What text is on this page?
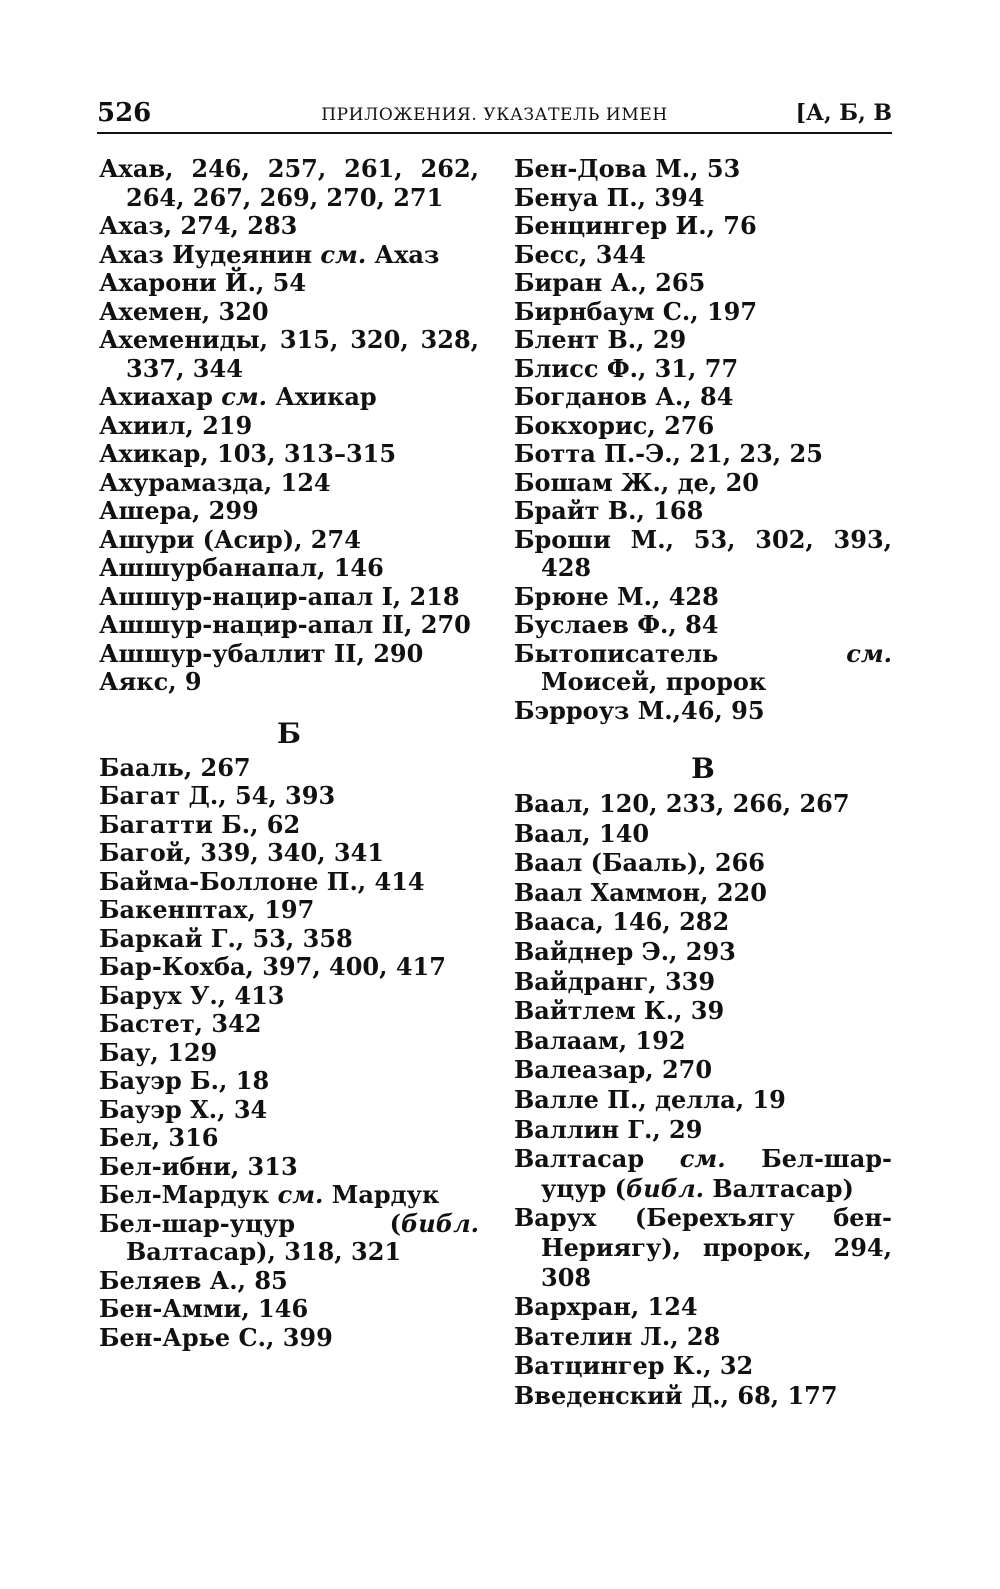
526	ПРИЛОЖЕНИЯ. УКАЗАТЕЛЬ ИМЕН	[А, Б, В

Ахав, 246, 257, 261, 262, 264, 267, 269, 270, 271

Ахаз, 274, 283

Ахаз Иудеянин см. Ахаз

Ахарони Й., 54

Ахемен, 320

Ахемениды, 315, 320, 328, 337, 344

Ахиахар см. Ахикар

Ахиил, 219

Ахикар, 103, 313–315

Ахурамазда, 124

Ашера, 299

Ашури (Асир), 274

Ашшурбанапал, 146

Ашшур-нацир-апал I, 218

Ашшур-нацир-апал II, 270

Ашшур-убаллит II, 290

Аякс, 9

Б

Бааль, 267

Багат Д., 54, 393

Багатти Б., 62

Багой, 339, 340, 341

Байма-Боллоне П., 414

Бакенптах, 197

Баркай Г., 53, 358

Бар-Кохба, 397, 400, 417

Барух У., 413

Бастет, 342

Бау, 129

Бауэр Б., 18

Бауэр Х., 34

Бел, 316

Бел-ибни, 313

Бел-Мардук см. Мардук

Бел-шар-уцур (библ. Валтасар), 318, 321

Беляев А., 85

Бен-Амми, 146

Бен-Арье С., 399

Бен-Дова М., 53

Бенуа П., 394

Бенцингер И., 76

Бесс, 344

Биран А., 265

Бирнбаум С., 197

Блент В., 29

Блисс Ф., 31, 77

Богданов А., 84

Бокхорис, 276

Ботта П.-Э., 21, 23, 25

Бошам Ж., де, 20

Брайт В., 168

Броши М., 53, 302, 393, 428

Брюне М., 428

Буслаев Ф., 84

Бытописатель см. Моисей, пророк

Бэрроуз М.,46, 95

В

Ваал, 120, 233, 266, 267

Ваал, 140

Ваал (Бааль), 266

Ваал Хаммон, 220

Вааса, 146, 282

Вайднер Э., 293

Вайдранг, 339

Вайтлем К., 39

Валаам, 192

Валеазар, 270

Валле П., делла, 19

Валлин Г., 29

Валтасар см. Бел-шар-уцур (библ. Валтасар)

Варух (Берехъягу бен-Нериягу), пророк, 294, 308

Вархран, 124

Вателин Л., 28

Ватцингер К., 32

Введенский Д., 68, 177
